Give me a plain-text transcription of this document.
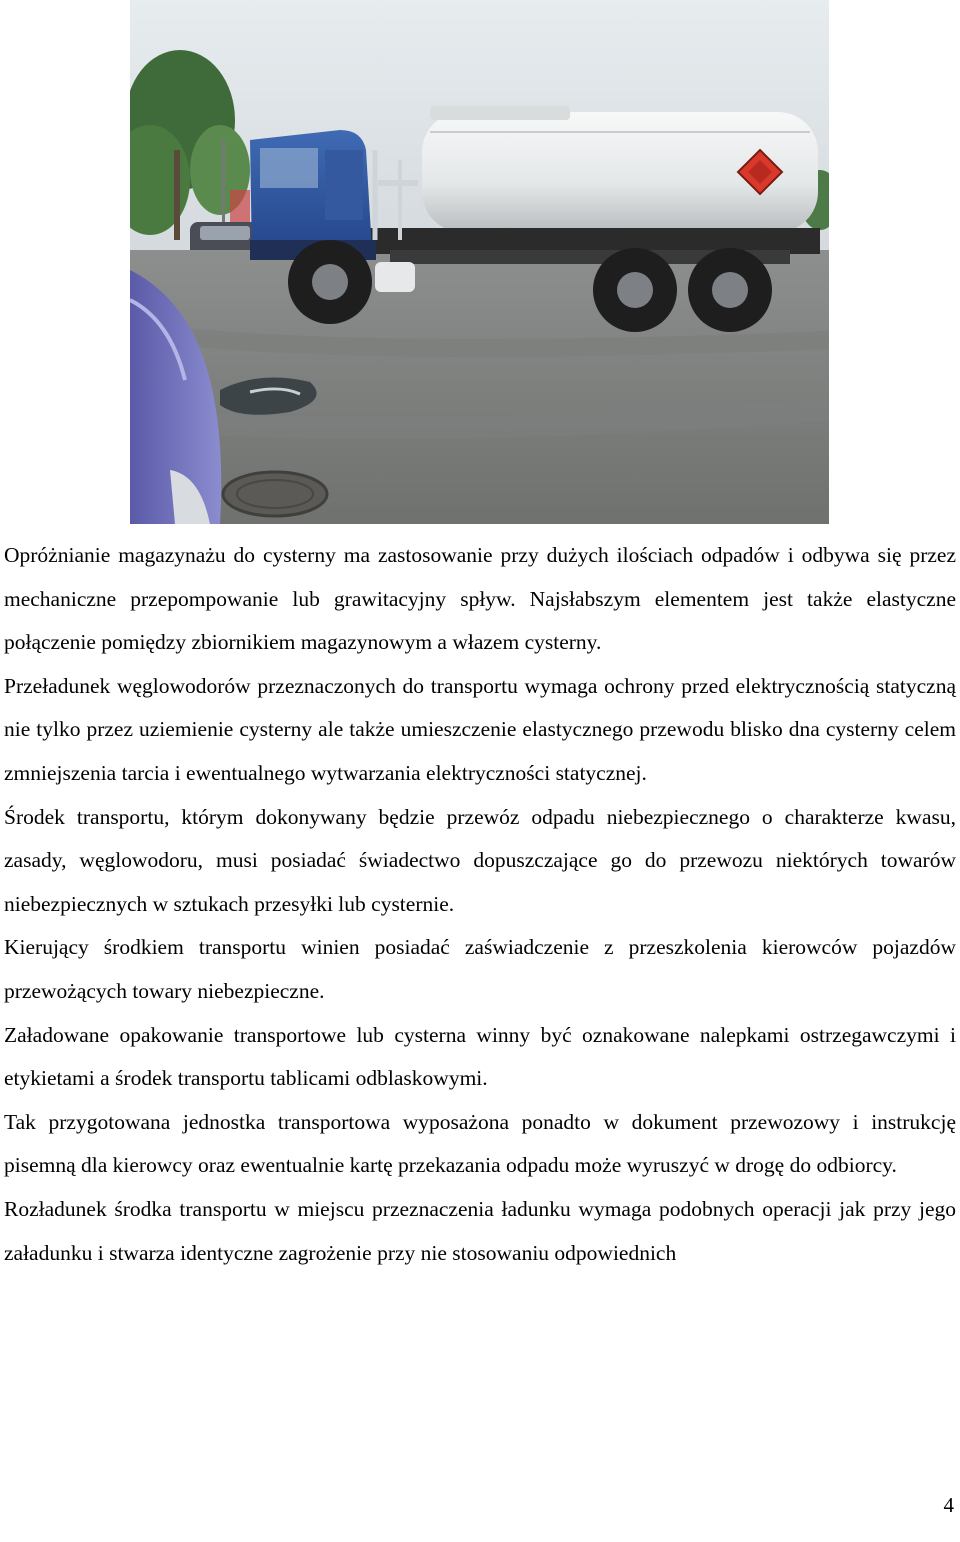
Opróżnianie magazynażu do cysterny ma zastosowanie przy dużych ilościach odpadów i odbywa się przez mechaniczne przepompowanie lub grawitacyjny spływ. Najsłabszym elementem jest także elastyczne połączenie pomiędzy zbiornikiem magazynowym a włazem cysterny.

Przeładunek węglowodorów przeznaczonych do transportu wymaga ochrony przed elektrycznością statyczną nie tylko przez uziemienie cysterny ale także umieszczenie elastycznego przewodu blisko dna cysterny celem zmniejszenia tarcia i ewentualnego wytwarzania elektryczności statycznej.

Środek transportu, którym dokonywany będzie przewóz odpadu niebezpiecznego o charakterze kwasu, zasady, węglowodoru, musi posiadać świadectwo dopuszczające go do przewozu niektórych towarów niebezpiecznych w sztukach przesyłki lub cysternie.

Kierujący środkiem transportu winien posiadać zaświadczenie z przeszkolenia kierowców pojazdów przewożących towary niebezpieczne.

Załadowane opakowanie transportowe lub cysterna winny być oznakowane nalepkami ostrzegawczymi i etykietami a środek transportu tablicami odblaskowymi.

Tak przygotowana jednostka transportowa wyposażona ponadto w dokument przewozowy i instrukcję pisemną dla kierowcy oraz ewentualnie kartę przekazania odpadu może wyruszyć w drogę do odbiorcy.

Rozładunek środka transportu w miejscu przeznaczenia ładunku wymaga podobnych operacji jak przy jego załadunku i stwarza identyczne zagrożenie przy nie stosowaniu odpowiednich

4
